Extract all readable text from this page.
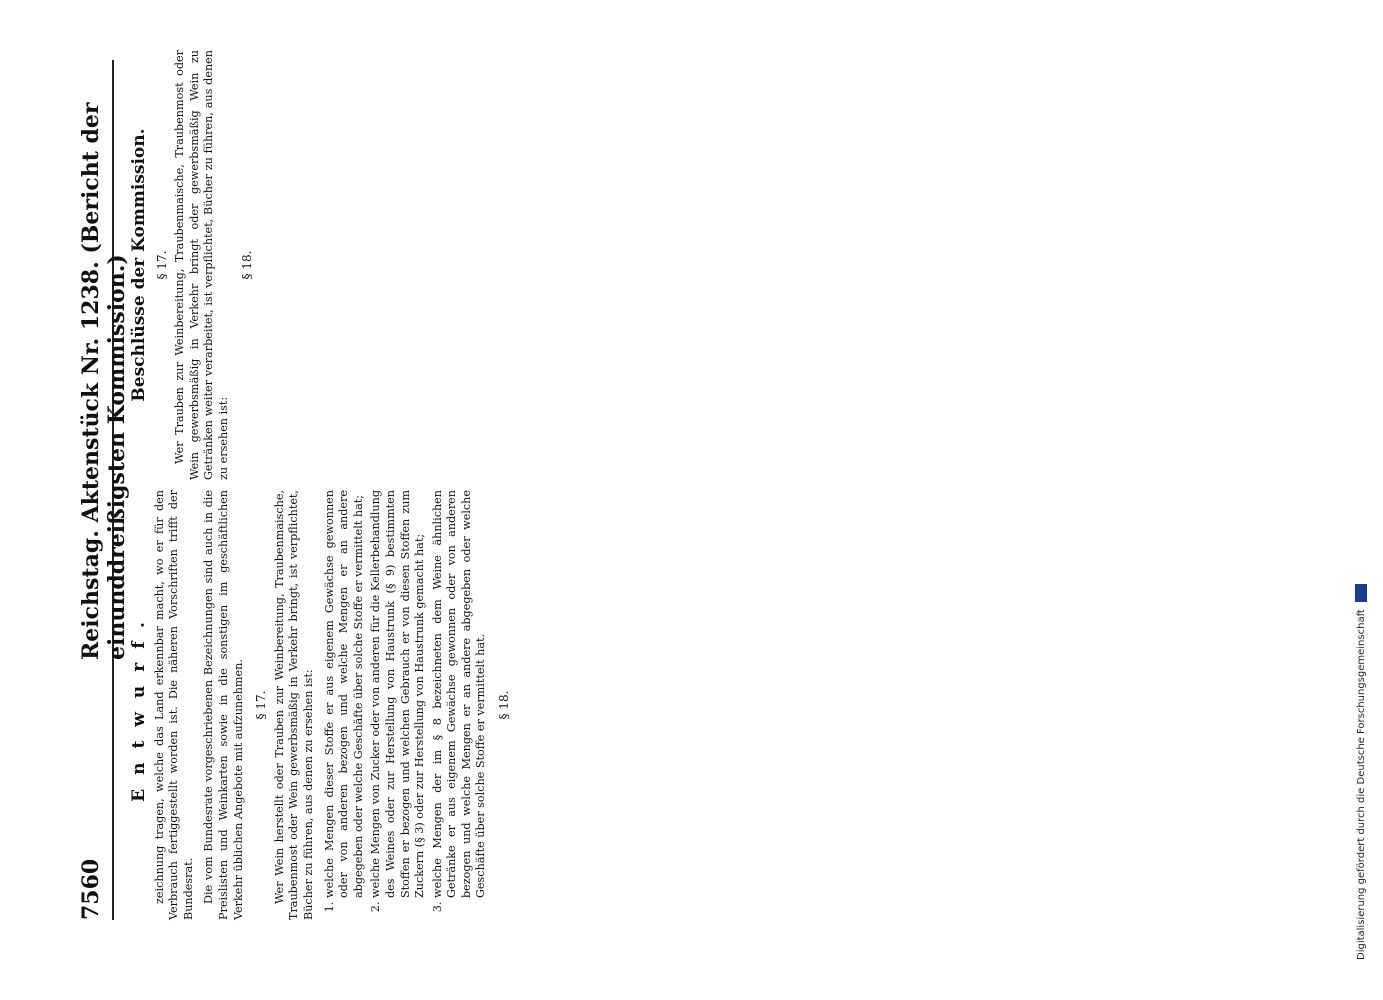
7560
Reichstag. Aktenstück Nr. 1238. (Bericht der einunddreißigsten Kommission.)
Entwurf. zeichnung tragen, welche das Land erkennbar macht, wo er für den Verbrauch fertiggestellt worden ist. Die näheren Vorschriften trifft der Bundesrat. Die vom Bundesrate vorgeschriebenen Bezeichnungen sind auch in die Preislisten und Weinkarten sowie in die sonstigen im geschäftlichen Verkehr üblichen Angebote mit aufzunehmen. § 17. Wer Wein herstellt oder Trauben zur Weinbereitung, Traubenmaische, Traubenmost oder Wein gewerbsmäßig in Verkehr bringt, ist verpflichtet, Bücher zu führen, aus denen zu ersehen ist: 1. welche Mengen dieser Stoffe er aus eigenem Gewächse gewonnen oder von anderen bezogen und welche Mengen er an andere abgegeben oder welche Geschäfte über solche Stoffe er vermittelt hat; 2. welche Mengen von Zucker oder von anderen für die Kellerbehandlung des Weines oder zur Herstellung von Haustrunk (§ 9) bestimmten Stoffen er bezogen und welchen Gebrauch er von diesen Stoffen zum Zuckern (§ 3) oder zur Herstellung von Haustrunk gemacht hat; 3. welche Mengen der im § 8 bezeichneten dem Weine ähnlichen Getränke er aus eigenem Gewächse gewonnen oder von anderen bezogen und welche Mengen er an andere abgegeben oder welche Geschäfte über solche Stoffe er vermittelt hat. § 18.
Beschlüsse der Kommission. § 17. Wer Trauben zur Weinbereitung, Traubenmaische, Traubenmost oder Wein gewerbsmäßig in Verkehr bringt oder gewerbsmäßig Wein zu Getränken weiter verarbeitet, ist verpflichtet, Bücher zu führen, aus denen zu ersehen ist:

§ 18.
Digitalisierung gefördert durch die Deutsche Forschungsgemeinschaft
